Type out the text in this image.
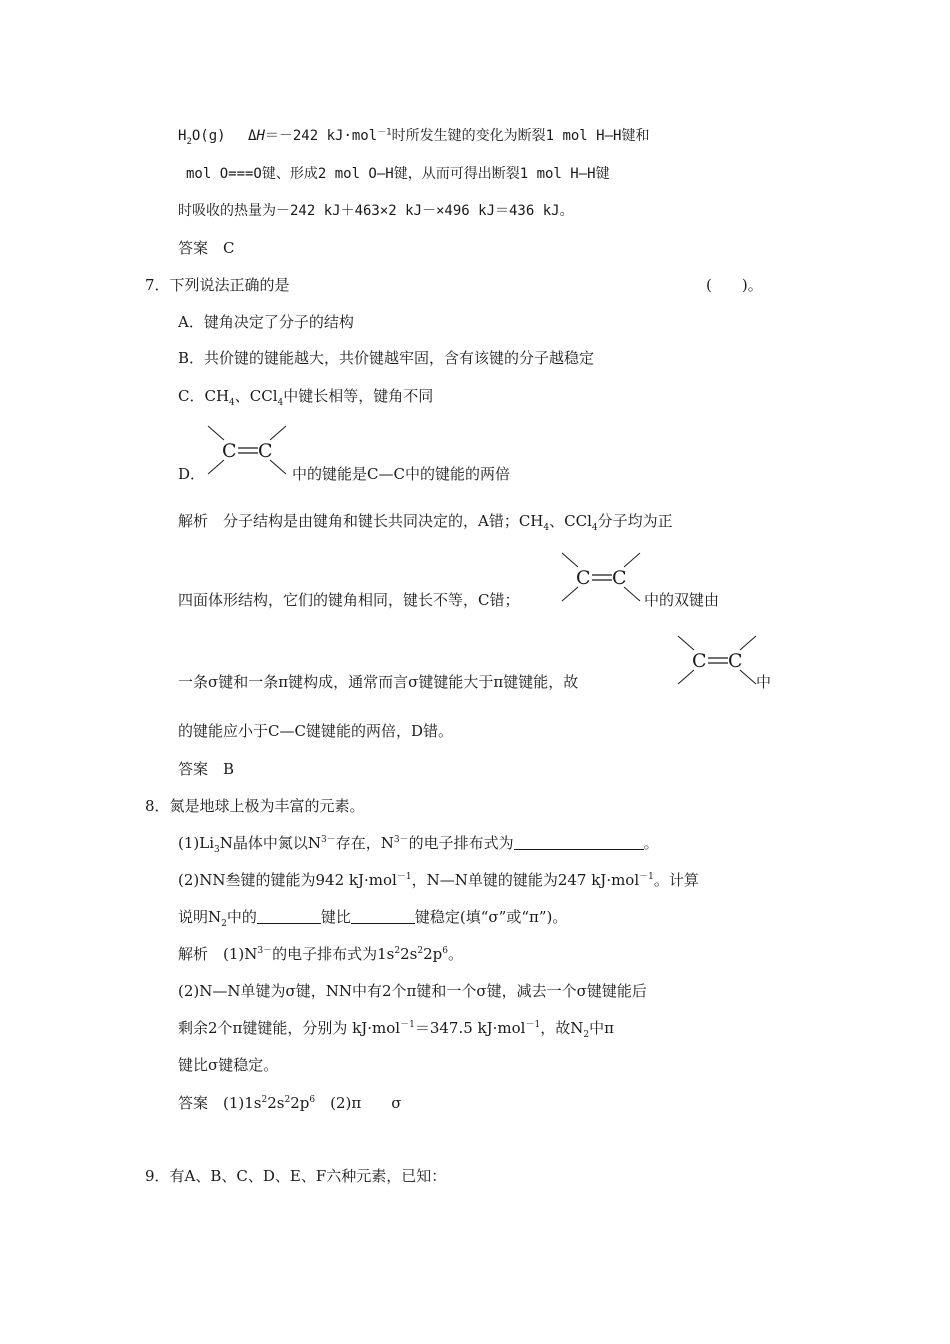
$H_2O(g)$　 ΔH＝－242 kJ·mol$^{-1}$时所发生键的变化为断裂1 mol H—H键和
mol O===O键、形成2 mol O—H键，从而可得出断裂1 mol H—H键
时吸收的热量为－242 kJ＋463×2 kJ－×496 kJ＝436 kJ。
答案　C
7．下列说法正确的是	(　　)。
A．键角决定了分子的结构
B．共价键的键能越大，共价键越牢固，含有该键的分子越稳定
C．$CH_4$、CCl$_4$中键长相等，键角不同
D．
C C
中的键能是C—C中的键能的两倍
解析　分子结构是由键角和键长共同决定的，A错；$CH_4$、CCl$_4$分子均为正
四面体形结构，它们的键角相同，键长不等，C错；
C C
中的双键由
一条σ键和一条π键构成，通常而言σ键键能大于π键键能，故
C C
中
的键能应小于C—C键键能的两倍，D错。
答案　B
8．氮是地球上极为丰富的元素。
$(1)Li_3N$晶体中氮以$N^{3-}$存在，$N^{3-}$的电子排布式为	。
(2)NN叁键的键能为942 kJ·mol$^{-1}$，N—N单键的键能为247 kJ·mol$^{-1}$。计算
说明$N_2$中的	键比	键稳定(填“σ”或“π”)。
解析　$(1)N^{3-}$的电子排布式为$1s^22s^22p^6$。
(2)N—N单键为σ键，NN中有2个π键和一个σ键，减去一个σ键键能后
剩余2个π键键能，分别为 kJ·mol$^{-1}$＝347.5 kJ·mol$^{-1}$，故$N_2$中π
键比σ键稳定。
答案　$(1)1s^22s^22p^6$　(2)π　　σ
9．有A、B、C、D、E、F六种元素，已知：
